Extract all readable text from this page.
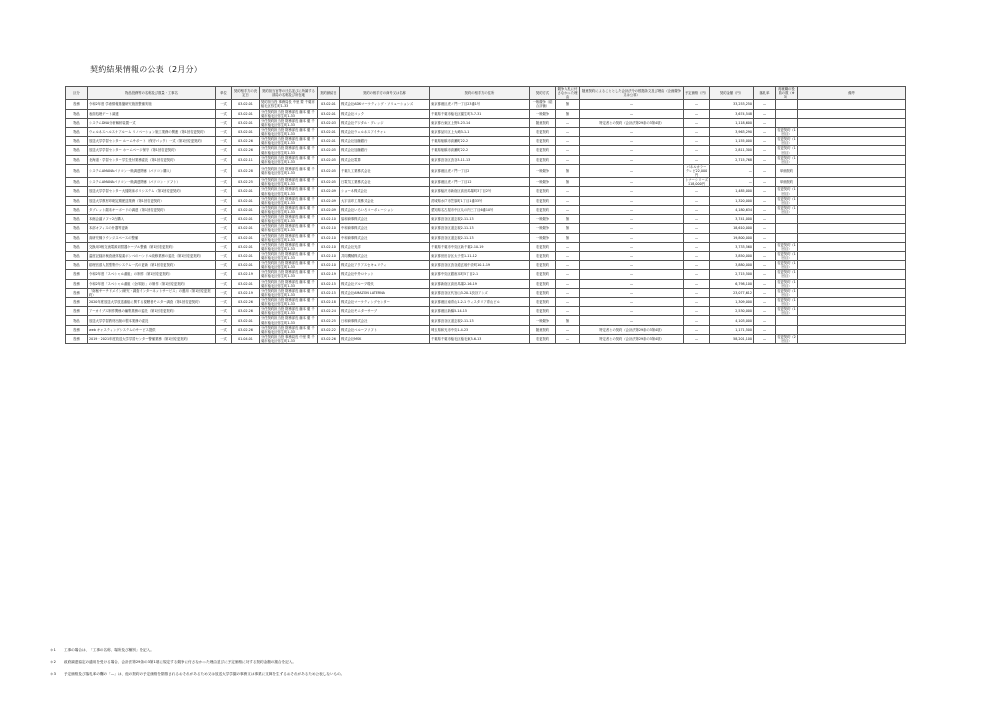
契約結果情報の公表（2月分）
区分	物品役務等の名称及び数量・工事名	単位	契約相手方の決定日	契約担当官等の氏名並びに所属する部局の名称及び所在地	契約締結日	契約の相手方の商号又は名称	契約の相手方の住所	契約方式	競争入札に付さなかった理由	随意契約によることとした会計法令の根拠条文及び理由（企画競争又は公募）	予定価格（円）	契約金額（円）	落札率	再就職の役員の数（※3）	備考
役務	令和2年度 学術情報基盤研究施設整備実施	一式	03.02.01	契約担当役 事務局長 中里 要 千葉市稲毛区弥生町1-33	03.02.01	株式会社ADKマーケティング・ソリューションズ	東京都港区虎ノ門一丁目23番1号	一般競争（総合評価）	無	—	—	33,253,250	—		
物品	表面処理ゲート調達	一式	03.02.01	分任契約担当役 財務部長 藤本 徹 千葉市稲毛区弥生町1-33	03.02.01	株式会社コック	千葉県千葉市稲毛区園生町3-7-31	一般競争	無	—	—	3,674,548	—		
物品	システムDNA分析解析装置一式	一式	03.02.01	分任契約担当役 財務部長 藤本 徹 千葉市稲毛区弥生町1-33	03.02.03	株式会社デジタル・プレッジ	東京都台東区上野5-23-14	随意契約	—	特定者との契約（会計法第29条の3第4項）	—	1,118,600	—		
物品	ウェルネスヘルスケアルーム リノベーション施工業務の関連（第1回変更契約）	一式	03.02.01	分任契約担当役 財務部長 藤本 徹 千葉市稲毛区弥生町1-33	03.02.01	株式会社ウェルネスアイチャレ	東京都品川区上大崎3-1-1	変更契約	—	—	—	3,963,290	—	変更契約（1回目）	
物品	放送大学学習センター ルームサポート（保守パック）一式（第1回変更契約）	一式	03.02.26	分任契約担当役 財務部長 藤本 徹 千葉市稲毛区弥生町1-33	03.02.01	株式会社加藤銀行	千葉県船橋市高瀬町22-2	変更契約	—	—	—	1,155,000	—	変更契約（1回目）	
物品	放送大学学習センター ホームページ保守（第1回変更契約）	一式	03.02.26	分任契約担当役 財務部長 藤本 徹 千葉市稲毛区弥生町1-33	03.02.05	株式会社加藤銀行	千葉県船橋市高瀬町22-2	変更契約	—	—	—	2,811,300	—	変更契約（1回目）	
物品	北海道・学習センター学生受付業務委託（第1回変更契約）	一式	03.02.11	分任契約担当役 財務部長 藤本 徹 千葉市稲毛区弥生町1-33	03.02.05	株式会社電算	東京都渋谷区渋谷3-11-13	変更契約	—	—	—	2,715,768	—	変更契約（1回目）	
物品	システムAMANAパソコン一般調達関係（パソコン購入）	一式	03.02.28	分任契約担当役 財務部長 藤本 徹 千葉市稲毛区弥生町1-33	03.02.05	千葉九工業株式会社	東京都港区虎ノ門一丁目2	一般競争	無	—	パネルカラーテレビ22,000円	—	—	単価契約	
物品	システムAMANAパソコン一般調達関係（パソコン・ソフト）	一式	03.02.25	分任契約担当役 財務部長 藤本 徹 千葉市稲毛区弥生町1-33	03.02.05	日電気工業株式会社	東京都港区虎ノ門一丁目12	一般競争	無	—	トナーシリーズ118,000円	—	—	単価契約	
物品	放送大学学習センター大掃除床ポリシステム（第1回変更契約）	一式	03.02.01	分任契約担当役 財務部長 藤本 徹 千葉市稲毛区弥生町1-33	03.02.09	ショーネ株式会社	東京都稲沢市新宿区高田馬場町3丁目2号	変更契約	—	—	—	1,485,000	—	変更契約（1回目）	
物品	放送大学教材印刷定期配送業務（第1回変更契約）	一式	03.02.01	分任契約担当役 財務部長 藤本 徹 千葉市稲毛区弥生町1-33	03.02.09	大宇宙印工業株式会社	茨城県水戸市笠原町1丁目1番33号	変更契約	—	—	—	1,320,000	—	変更契約（1回目）	
物品	タブレット端末キーボードの調達（第1回変更契約）	一式	03.02.01	分任契約担当役 財務部長 藤本 徹 千葉市稲毛区弥生町1-33	03.02.09	株式会社いろいろコーポレーション	愛知県名古屋市中区丸の内三丁目6番10号	変更契約	—	—	—	4,180,634	—	変更契約（1回目）	
物品	本館会議ソファ2台購入	一式	03.02.01	分任契約担当役 財務部長 藤本 徹 千葉市稲毛区弥生町1-33	03.02.10	協和商事株式会社	東京都渋谷区道玄坂2-11-13	一般競争	無	—	—	3,741,000	—		
物品	本部オフィスの什器等更新	一式	03.02.01	分任契約担当役 財務部長 藤本 徹 千葉市稲毛区弥生町1-33	03.02.10	中和商事株式会社	東京都渋谷区道玄坂2-11-13	一般競争	無	—	—	18,610,000	—		
物品	高研究棟ラウンジスペースの整備	一式	03.02.01	分任契約担当役 財務部長 藤本 徹 千葉市稲毛区弥生町1-33	03.02.10	中和商事株式会社	東京都渋谷区道玄坂2-11-13	一般競争	無	—	—	19,800,000	—		
物品	交換用3相交流電源切替器ケーブル整備（第1回変更契約）	一式	03.02.01	分任契約担当役 財務部長 藤本 徹 千葉市稲毛区弥生町1-33	03.02.10	株式会社光洋	千葉県千葉市中央区新千葉2-10-19	変更契約	—	—	—	3,733,560	—	変更契約（1回目）	
物品	温度記録計検査液体窒素ボンベのハンドル改修業務の委託（第1回変更契約）	一式	03.02.01	分任契約担当役 財務部長 藤本 徹 千葉市稲毛区弥生町1-33	03.02.10	共同機械株式会社	東京都世田谷区太子堂1-11-12	変更契約	—	—	—	3,850,000	—	変更契約（1回目）	
物品	総理官邸入居型集中システム一式の更新（第1回変更契約）	一式	03.02.01	分任契約担当役 財務部長 藤本 徹 千葉市稲毛区弥生町1-33	03.02.10	株式会社アクアスセキュリティ	東京都渋谷区渋谷道玄坂中央町10-1-19	変更契約	—	—	—	3,880,000	—	変更契約（1回目）	
役務	令和2年度「スペシャル番組」の制作（第1回変更契約）	一式	03.02.19	分任契約担当役 財務部長 藤本 徹 千葉市稲毛区弥生町1-33	03.02.19	株式会社中外ロケット	東京都中央区銀座本町5丁目2-1	変更契約	—	—	—	2,715,500	—	変更契約（1回目）	
役務	令和2年度「スペシャル番組（全体版）」の制作（第1回変更契約）	一式	03.02.01	分任契約担当役 財務部長 藤本 徹 千葉市稲毛区弥生町1-33	03.02.15	株式会社グループ現代	東京都新宿区高田馬場2-16-19	変更契約	—	—	—	6,798,100	—	変更契約（1回目）	
役務	「南極サーチドメイン/研究・調査インターネットサービス」の運用（第1回変更契約）	一式	03.02.19	分任契約担当役 財務部長 藤本 徹 千葉市稲毛区弥生町1-33	03.02.15	株式会社AMAZON LATERNA	東京都渋谷区代官山3-20-1渋谷アンズ	変更契約	—	—	—	23,077,612	—	変更契約（1回目）	
役務	2020年度放送大学放送番組に関する視聴者モニター調査（第1回変更契約）	一式	03.02.26	分任契約担当役 財務部長 藤本 徹 千葉市稲毛区弥生町1-33	03.02.18	株式会社マーケティングセンター	東京都港区南青山1-2-1 ウィスタリア青山ビル	変更契約	—	—	—	1,309,000	—	変更契約（1回目）	
役務	アーカイブス制作関係の編集業務の委託（第1回変更契約）	一式	03.02.26	分任契約担当役 財務部長 藤本 徹 千葉市稲毛区弥生町1-33	03.02.24	株式会社モニターサーブ	東京都港区新橋5-14-15	変更契約	—	—	—	2,530,000	—	変更契約（1回目）	
物品	放送大学学習教材出版の製本業務の委託	一式	03.02.01	分任契約担当役 財務部長 藤本 徹 千葉市稲毛区弥生町1-33	03.02.25	日和商事株式会社	東京都渋谷区道玄坂2-11-13	一般競争	無	—	—	4,103,000	—		
役務	web キャスティングシステムのサービス提供	一式	03.02.26	分任契約担当役 財務部長 藤本 徹 千葉市稲毛区弥生町1-33	03.02.22	株式会社ベルーフソフト	埼玉県和光市中央1-4-23	随意契約	—	特定者との契約（会計法第29条の3第4項）	—	1,171,500	—		
役務	2019・2021年度放送大学学習センター警備業務（第1回変更契約）	一式	01.04.01	分任契約担当役 事務局長 中里 要 千葉市稲毛区弥生町1-33	03.02.26	株式会社MSK	千葉県千葉市稲毛区稲毛東3-6-13	変更契約	—	特定者との契約（会計法第29条の3第4項）	—	58,201,100	—	変更契約（2回目）	
＊1	工事の場合は、「工事の名称、場所及び種別」を記入。
＊2	政府調達協定の適用を受ける場合、会計法第29条の3第1項に規定する競争に付さなかった理由並びに予定価格に対する契約金額の割合を記入。
＊3	予定価格及び落札率の欄の「—」は、他の契約の予定価格を類推されるおそれがあるため又は放送大学学園の事務又は事業に支障を生ずるおそれがあるため公表しないもの。
